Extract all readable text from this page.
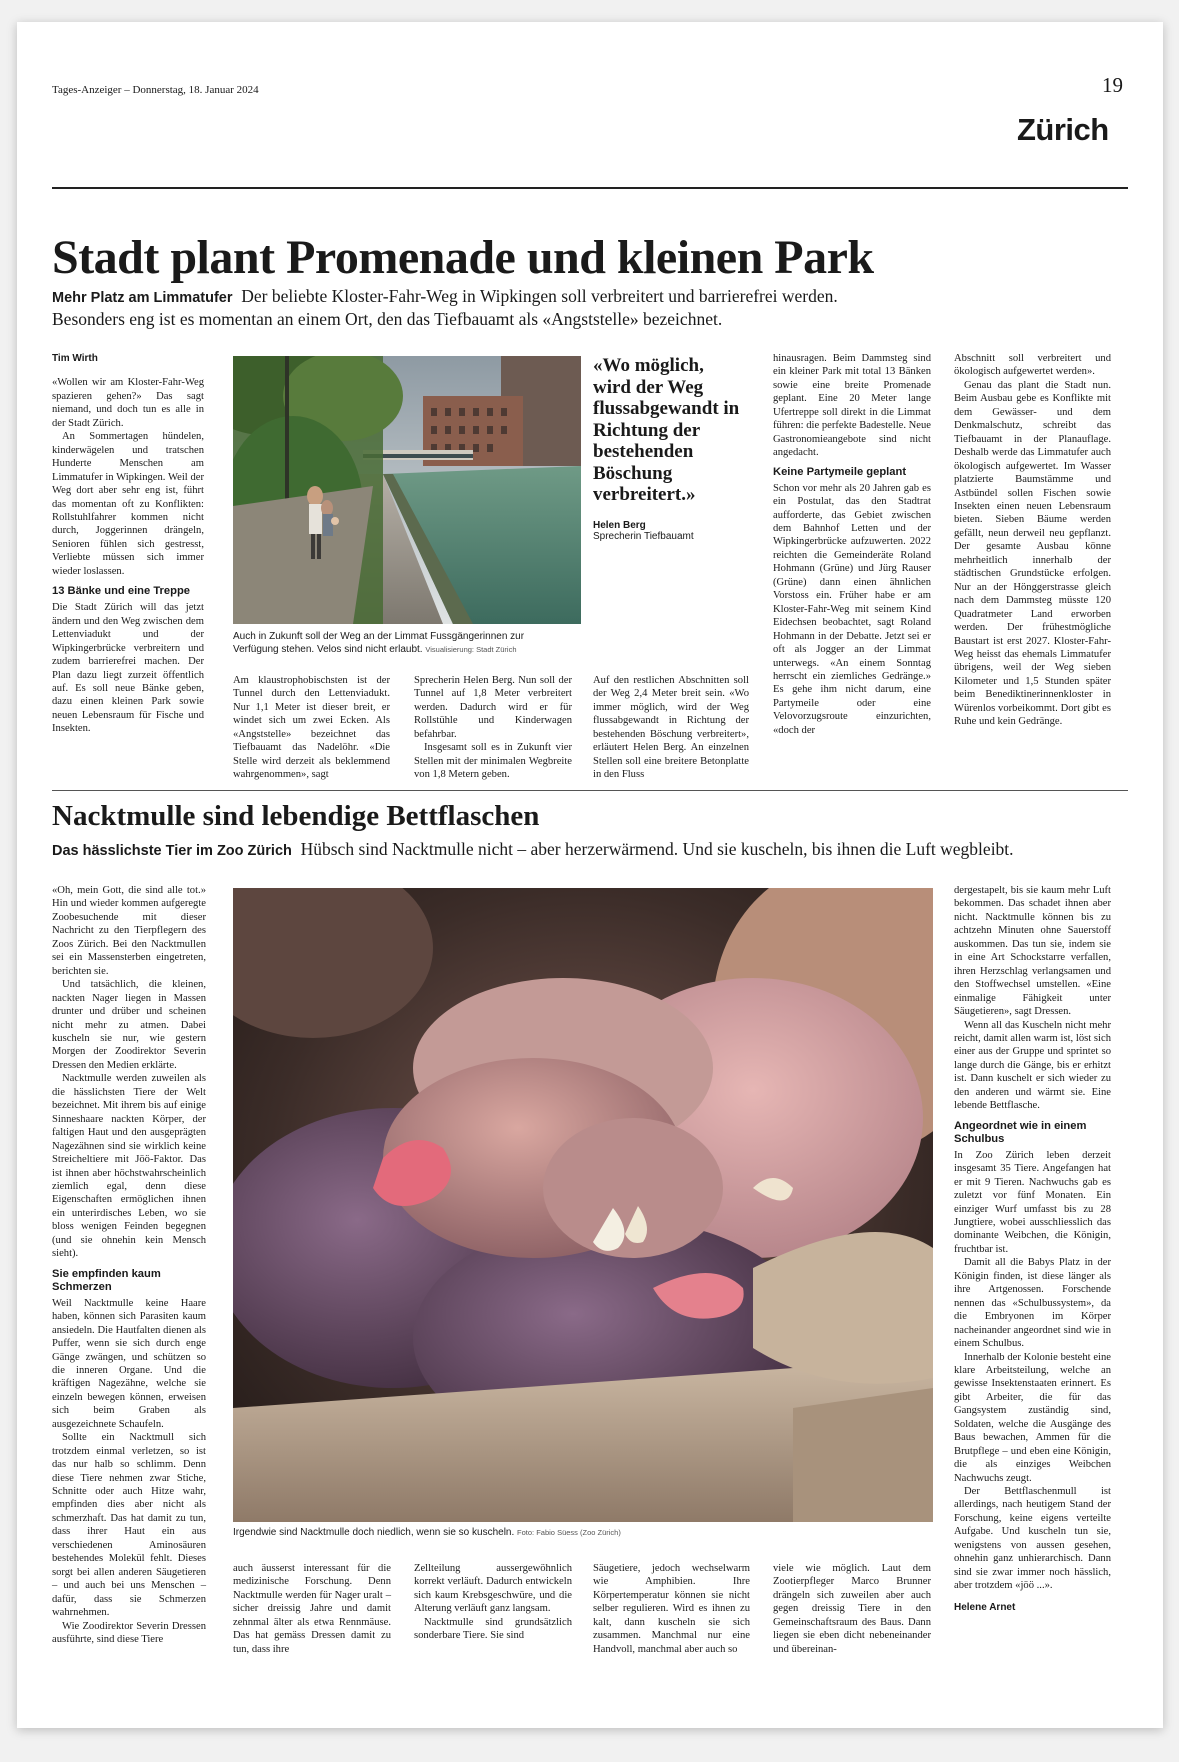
Tages-Anzeiger – Donnerstag, 18. Januar 2024	19
Zürich
Stadt plant Promenade und kleinen Park
Mehr Platz am Limmatufer Der beliebte Kloster-Fahr-Weg in Wipkingen soll verbreitert und barrierefrei werden.
Besonders eng ist es momentan an einem Ort, den das Tiefbauamt als «Angststelle» bezeichnet.
Tim Wirth

«Wollen wir am Kloster-Fahr-Weg spazieren gehen?» Das sagt niemand, und doch tun es alle in der Stadt Zürich.

An Sommertagen hündelen, kinderwägelen und tratschen Hunderte Menschen am Limmatufer in Wipkingen. Weil der Weg dort aber sehr eng ist, führt das momentan oft zu Konflikten: Rollstuhlfahrer kommen nicht durch, Joggerinnen drängeln, Senioren fühlen sich gestresst, Verliebte müssen sich immer wieder loslassen.

13 Bänke und eine Treppe

Die Stadt Zürich will das jetzt ändern und den Weg zwischen dem Lettenviadukt und der Wipkingerbrücke verbreitern und zudem barrierefrei machen. Der Plan dazu liegt zurzeit öffentlich auf. Es soll neue Bänke geben, dazu einen kleinen Park sowie neuen Lebensraum für Fische und Insekten.

Auch in Zukunft soll der Weg an der Limmat Fussgängerinnen zur Verfügung stehen. Velos sind nicht erlaubt. Visualisierung: Stadt Zürich

Am klaustrophobischsten ist der Tunnel durch den Lettenviadukt. Nur 1,1 Meter ist dieser breit, er windet sich um zwei Ecken. Als «Angststelle» bezeichnet das Tiefbauamt das Nadelöhr. «Die Stelle wird derzeit als beklemmend wahrgenommen», sagt

Sprecherin Helen Berg. Nun soll der Tunnel auf 1,8 Meter verbreitert werden. Dadurch wird er für Rollstühle und Kinderwagen befahrbar.

Insgesamt soll es in Zukunft vier Stellen mit der minimalen Wegbreite von 1,8 Metern geben.

«Wo möglich, wird der Weg flussabgewandt in Richtung der bestehenden Böschung verbreitert.»
Helen Berg
Sprecherin Tiefbauamt

Auf den restlichen Abschnitten soll der Weg 2,4 Meter breit sein. «Wo immer möglich, wird der Weg flussabgewandt in Richtung der bestehenden Böschung verbreitert», erläutert Helen Berg. An einzelnen Stellen soll eine breitere Betonplatte in den Fluss

hinausragen. Beim Dammsteg sind ein kleiner Park mit total 13 Bänken sowie eine breite Promenade geplant. Eine 20 Meter lange Ufertreppe soll direkt in die Limmat führen: die perfekte Badestelle. Neue Gastronomieangebote sind nicht angedacht.

Keine Partymeile geplant

Schon vor mehr als 20 Jahren gab es ein Postulat, das den Stadtrat aufforderte, das Gebiet zwischen dem Bahnhof Letten und der Wipkingerbrücke aufzuwerten. 2022 reichten die Gemeinderäte Roland Hohmann (Grüne) und Jürg Rauser (Grüne) dann einen ähnlichen Vorstoss ein. Früher habe er am Kloster-Fahr-Weg mit seinem Kind Eidechsen beobachtet, sagt Roland Hohmann in der Debatte. Jetzt sei er oft als Jogger an der Limmat unterwegs. «An einem Sonntag herrscht ein ziemliches Gedränge.» Es gehe ihm nicht darum, eine Partymeile oder eine Velovorzugsroute einzurichten, «doch der

Abschnitt soll verbreitert und ökologisch aufgewertet werden».

Genau das plant die Stadt nun. Beim Ausbau gebe es Konflikte mit dem Gewässer- und dem Denkmalschutz, schreibt das Tiefbauamt in der Planauflage. Deshalb werde das Limmatufer auch ökologisch aufgewertet. Im Wasser platzierte Baumstämme und Astbündel sollen Fischen sowie Insekten einen neuen Lebensraum bieten. Sieben Bäume werden gefällt, neun derweil neu gepflanzt. Der gesamte Ausbau könne mehrheitlich innerhalb der städtischen Grundstücke erfolgen. Nur an der Hönggerstrasse gleich nach dem Dammsteg müsste 120 Quadratmeter Land erworben werden. Der frühestmögliche Baustart ist erst 2027. Kloster-Fahr-Weg heisst das ehemals Limmatufer übrigens, weil der Weg sieben Kilometer und 1,5 Stunden später beim Benediktinerinnenkloster in Würenlos vorbeikommt. Dort gibt es Ruhe und kein Gedränge.

Nacktmulle sind lebendige Bettflaschen
Das hässlichste Tier im Zoo Zürich Hübsch sind Nacktmulle nicht – aber herzerwärmend. Und sie kuscheln, bis ihnen die Luft wegbleibt.

«Oh, mein Gott, die sind alle tot.» Hin und wieder kommen aufgeregte Zoobesuchende mit dieser Nachricht zu den Tierpflegern des Zoos Zürich. Bei den Nacktmullen sei ein Massensterben eingetreten, berichten sie.

Und tatsächlich, die kleinen, nackten Nager liegen in Massen drunter und drüber und scheinen nicht mehr zu atmen. Dabei kuscheln sie nur, wie gestern Morgen der Zoodirektor Severin Dressen den Medien erklärte.

Nacktmulle werden zuweilen als die hässlichsten Tiere der Welt bezeichnet. Mit ihrem bis auf einige Sinneshaare nackten Körper, der faltigen Haut und den ausgeprägten Nagezähnen sind sie wirklich keine Streicheltiere mit Jöö-Faktor. Das ist ihnen aber höchstwahrscheinlich ziemlich egal, denn diese Eigenschaften ermöglichen ihnen ein unterirdisches Leben, wo sie bloss wenigen Feinden begegnen (und sie ohnehin kein Mensch sieht).

Sie empfinden kaum Schmerzen

Weil Nacktmulle keine Haare haben, können sich Parasiten kaum ansiedeln. Die Hautfalten dienen als Puffer, wenn sie sich durch enge Gänge zwängen, und schützen so die inneren Organe. Und die kräftigen Nagezähne, welche sie einzeln bewegen können, erweisen sich beim Graben als ausgezeichnete Schaufeln.

Sollte ein Nacktmull sich trotzdem einmal verletzen, so ist das nur halb so schlimm. Denn diese Tiere nehmen zwar Stiche, Schnitte oder auch Hitze wahr, empfinden dies aber nicht als schmerzhaft. Das hat damit zu tun, dass ihrer Haut ein aus verschiedenen Aminosäuren bestehendes Molekül fehlt. Dieses sorgt bei allen anderen Säugetieren – und auch bei uns Menschen – dafür, dass sie Schmerzen wahrnehmen.

Wie Zoodirektor Severin Dressen ausführte, sind diese Tiere

Irgendwie sind Nacktmulle doch niedlich, wenn sie so kuscheln. Foto: Fabio Süess (Zoo Zürich)

auch äusserst interessant für die medizinische Forschung. Denn Nacktmulle werden für Nager uralt – sicher dreissig Jahre und damit zehnmal älter als etwa Rennmäuse. Das hat gemäss Dressen damit zu tun, dass ihre

Zellteilung aussergewöhnlich korrekt verläuft. Dadurch entwickeln sich kaum Krebsgeschwüre, und die Alterung verläuft ganz langsam.

Nacktmulle sind grundsätzlich sonderbare Tiere. Sie sind

Säugetiere, jedoch wechselwarm wie Amphibien. Ihre Körpertemperatur können sie nicht selber regulieren. Wird es ihnen zu kalt, dann kuscheln sie sich zusammen. Manchmal nur eine Handvoll, manchmal aber auch so

viele wie möglich. Laut dem Zootierpfleger Marco Brunner drängeln sich zuweilen aber auch gegen dreissig Tiere in den Gemeinschaftsraum des Baus. Dann liegen sie eben dicht nebeneinander und übereinan-

dergestapelt, bis sie kaum mehr Luft bekommen. Das schadet ihnen aber nicht. Nacktmulle können bis zu achtzehn Minuten ohne Sauerstoff auskommen. Das tun sie, indem sie in eine Art Schockstarre verfallen, ihren Herzschlag verlangsamen und den Stoffwechsel umstellen. «Eine einmalige Fähigkeit unter Säugetieren», sagt Dressen.

Wenn all das Kuscheln nicht mehr reicht, damit allen warm ist, löst sich einer aus der Gruppe und sprintet so lange durch die Gänge, bis er erhitzt ist. Dann kuschelt er sich wieder zu den anderen und wärmt sie. Eine lebende Bettflasche.

Angeordnet wie in einem Schulbus

In Zoo Zürich leben derzeit insgesamt 35 Tiere. Angefangen hat er mit 9 Tieren. Nachwuchs gab es zuletzt vor fünf Monaten. Ein einziger Wurf umfasst bis zu 28 Jungtiere, wobei ausschliesslich das dominante Weibchen, die Königin, fruchtbar ist.

Damit all die Babys Platz in der Königin finden, ist diese länger als ihre Artgenossen. Forschende nennen das «Schulbussystem», da die Embryonen im Körper nacheinander angeordnet sind wie in einem Schulbus.

Innerhalb der Kolonie besteht eine klare Arbeitsteilung, welche an gewisse Insektenstaaten erinnert. Es gibt Arbeiter, die für das Gangsystem zuständig sind, Soldaten, welche die Ausgänge des Baus bewachen, Ammen für die Brutpflege – und eben eine Königin, die als einziges Weibchen Nachwuchs zeugt.

Der Bettflaschenmull ist allerdings, nach heutigem Stand der Forschung, keine eigens verteilte Aufgabe. Und kuscheln tun sie, wenigstens von aussen gesehen, ohnehin ganz unhierarchisch. Dann sind sie zwar immer noch hässlich, aber trotzdem «jöö ...».

Helene Arnet
